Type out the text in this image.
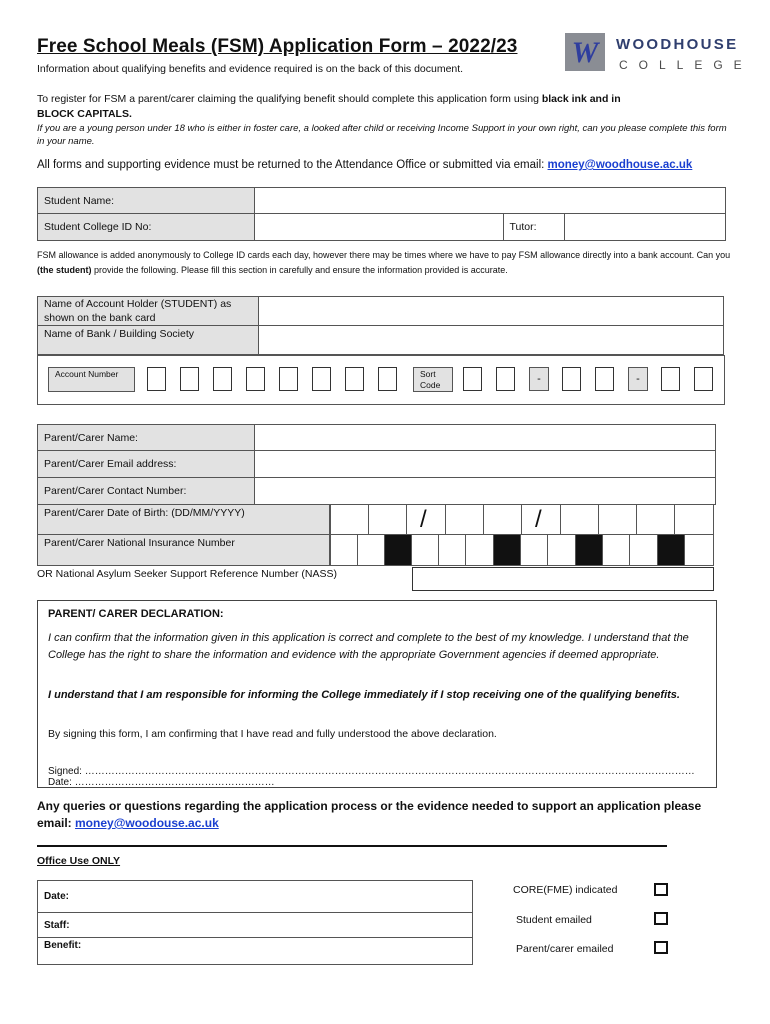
Free School Meals (FSM) Application Form – 2022/23 W WOODHOUSE
COLLEGE
Information about qualifying benefits and evidence required is on the back of this document.
To register for FSM a parent/carer claiming the qualifying benefit should complete this application form using black ink and in
BLOCK CAPITALS.
If you are a young person under 18 who is either in foster care, a looked after child or receiving Income Support in your own right, can you please complete this form in your name.
All forms and supporting evidence must be returned to the Attendance Office or submitted via email: money@woodhouse.ac.uk
Student Name:			
Student College ID No:		Tutor:	
FSM allowance is added anonymously to College ID cards each day, however there may be times where we have to pay FSM allowance directly into a bank account. Can you (the student) provide the following. Please fill this section in carefully and ensure the information provided is accurate.
Name of Account Holder (STUDENT) as shown on the bank card	
Name of Bank / Building Society	
Account Number	Sort Code	-	-
Parent/Carer Name:	
Parent/Carer Email address:	
Parent/Carer Contact Number:	
Parent/Carer Date of Birth: (DD/MM/YYYY)	/	/
Parent/Carer National Insurance Number
OR National Asylum Seeker Support Reference Number (NASS)
PARENT/ CARER DECLARATION:
I can confirm that the information given in this application is correct and complete to the best of my knowledge. I understand that the College has the right to share the information and evidence with the appropriate Government agencies if deemed appropriate.
I understand that I am responsible for informing the College immediately if I stop receiving one of the qualifying benefits.
By signing this form, I am confirming that I have read and fully understood the above declaration.
Signed: …………………………………………………………………………………………………………………………………………………………………Date: ……………………………………………………
Any queries or questions regarding the application process or the evidence needed to support an application please email: money@woodouse.ac.uk
Office Use ONLY
Date:
Staff:
Benefit:
CORE(FME) indicated
Student emailed
Parent/carer emailed
